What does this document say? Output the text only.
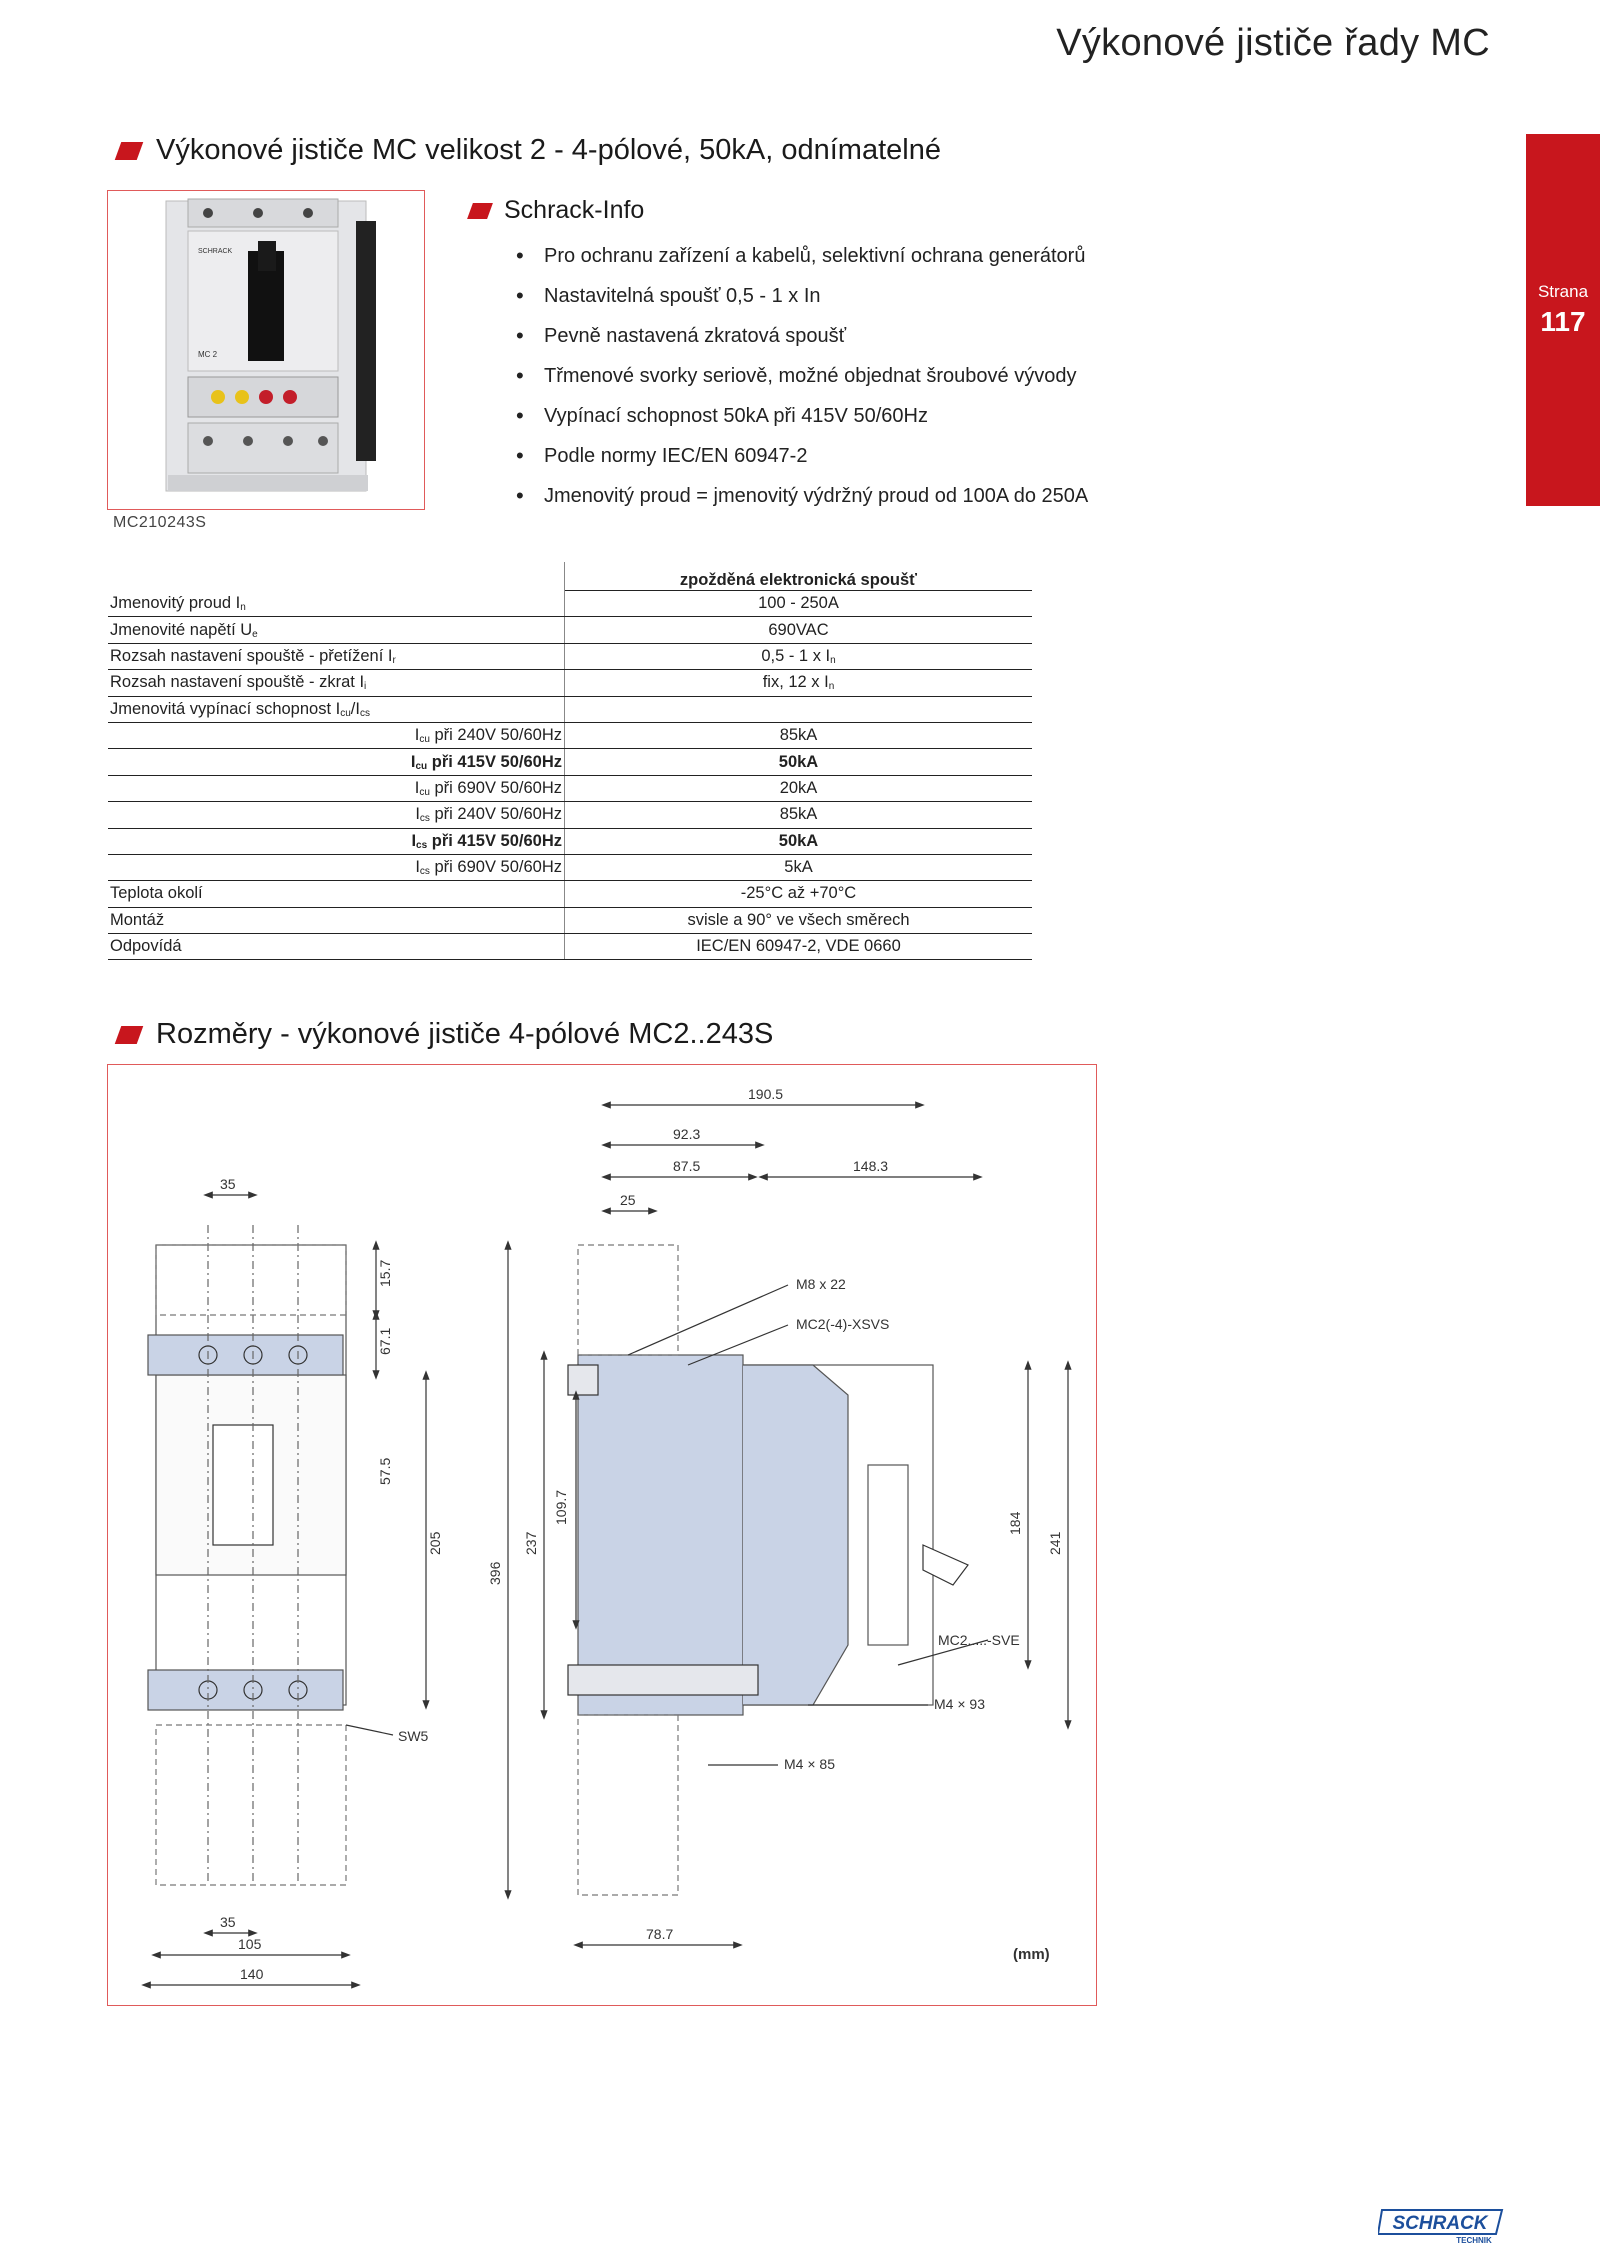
Výkonové jističe řady MC
Strana
117
Výkonové jističe MC velikost 2 - 4-pólové, 50kA, odnímatelné
SCHRACK
MC 2
MC210243S
Schrack-Info
• Pro ochranu zařízení a kabelů, selektivní ochrana generátorů
• Nastavitelná spoušť 0,5 - 1 x In
• Pevně nastavená zkratová spoušť
• Třmenové svorky seriově, možné objednat šroubové vývody
• Vypínací schopnost 50kA při 415V 50/60Hz
• Podle normy IEC/EN 60947-2
• Jmenovitý proud = jmenovitý výdržný proud od 100A do 250A
	zpožděná elektronická spoušť
Jmenovitý proud $I_n$	100 - 250A
Jmenovité napětí $U_e$	690VAC
Rozsah nastavení spouště - přetížení $I_r$	0,5 - 1 x $I_n$
Rozsah nastavení spouště - zkrat $I_i$	fix, 12 x $I_n$
Jmenovitá vypínací schopnost $I_{cu}/I_{cs}$	
$I_{cu}$ při 240V 50/60Hz	85kA
$I_{cu}$ při 415V 50/60Hz	50kA
$I_{cu}$ při 690V 50/60Hz	20kA
$I_{cs}$ při 240V 50/60Hz	85kA
$I_{cs}$ při 415V 50/60Hz	50kA
$I_{cs}$ při 690V 50/60Hz	5kA
Teplota okolí	-25°C až +70°C
Montáž	svisle a 90° ve všech směrech
Odpovídá	IEC/EN 60947-2, VDE 0660
Rozměry - výkonové jističe 4-pólové MC2..243S
35
15.7
67.1
57.5
205
35
105
140
SW5
190.5
92.3
87.5	148.3
25
109.7
396
237
184
241
78.7
M8 x 22
MC2(-4)-XSVS
MC2.....-SVE
M4 × 93
M4 × 85
(mm)
SCHRACK
TECHNIK
